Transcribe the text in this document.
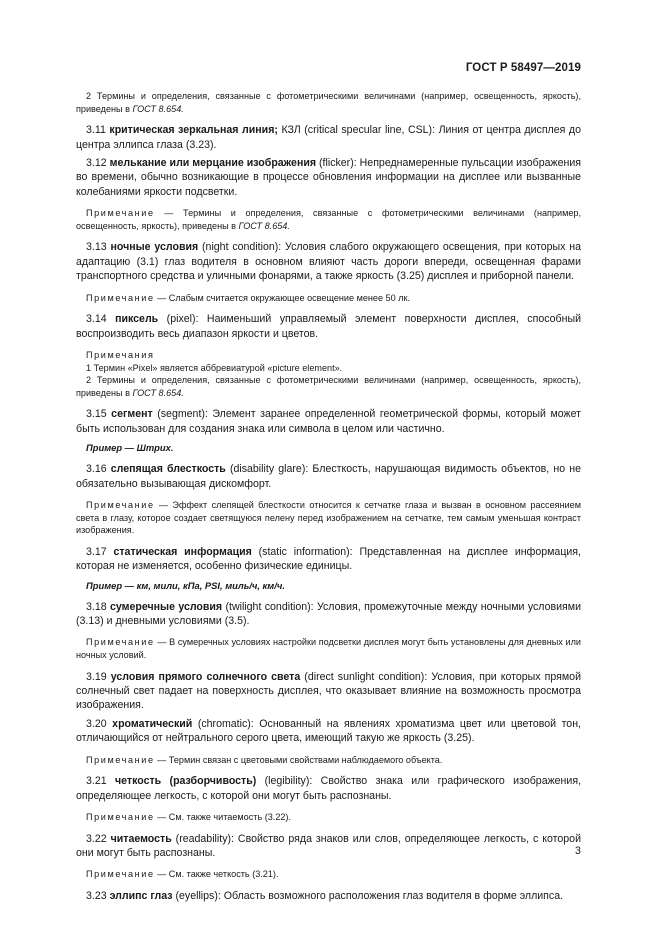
ГОСТ Р 58497—2019

2 Термины и определения, связанные с фотометрическими величинами (например, освещенность, яркость), приведены в ГОСТ 8.654.

3.11 критическая зеркальная линия; КЗЛ (critical specular line, CSL): Линия от центра дисплея до центра эллипса глаза (3.23).

3.12 мелькание или мерцание изображения (flicker): Непреднамеренные пульсации изображения во времени, обычно возникающие в процессе обновления информации на дисплее или вызванные колебаниями яркости подсветки.

Примечание — Термины и определения, связанные с фотометрическими величинами (например, освещенность, яркость), приведены в ГОСТ 8.654.

3.13 ночные условия (night condition): Условия слабого окружающего освещения, при которых на адаптацию (3.1) глаз водителя в основном влияют часть дороги впереди, освещенная фарами транспортного средства и уличными фонарями, а также яркость (3.25) дисплея и приборной панели.

Примечание — Слабым считается окружающее освещение менее 50 лк.

3.14 пиксель (pixel): Наименьший управляемый элемент поверхности дисплея, способный воспроизводить весь диапазон яркости и цветов.

Примечания

1 Термин «Pixel» является аббревиатурой «picture element».

2 Термины и определения, связанные с фотометрическими величинами (например, освещенность, яркость), приведены в ГОСТ 8.654.

3.15 сегмент (segment): Элемент заранее определенной геометрической формы, который может быть использован для создания знака или символа в целом или частично.

Пример — Штрих.

3.16 слепящая блесткость (disability glare): Блесткость, нарушающая видимость объектов, но не обязательно вызывающая дискомфорт.

Примечание — Эффект слепящей блесткости относится к сетчатке глаза и вызван в основном рассеянием света в глазу, которое создает светящуюся пелену перед изображением на сетчатке, тем самым уменьшая контраст изображения.

3.17 статическая информация (static information): Представленная на дисплее информация, которая не изменяется, особенно физические единицы.

Пример — км, мили, кПа, PSI, миль/ч, км/ч.

3.18 сумеречные условия (twilight condition): Условия, промежуточные между ночными условиями (3.13) и дневными условиями (3.5).

Примечание — В сумеречных условиях настройки подсветки дисплея могут быть установлены для дневных или ночных условий.

3.19 условия прямого солнечного света (direct sunlight condition): Условия, при которых прямой солнечный свет падает на поверхность дисплея, что оказывает влияние на возможность просмотра изображения.

3.20 хроматический (chromatic): Основанный на явлениях хроматизма цвет или цветовой тон, отличающийся от нейтрального серого цвета, имеющий такую же яркость (3.25).

Примечание — Термин связан с цветовыми свойствами наблюдаемого объекта.

3.21 четкость (разборчивость) (legibility): Свойство знака или графического изображения, определяющее легкость, с которой они могут быть распознаны.

Примечание — См. также читаемость (3.22).

3.22 читаемость (readability): Свойство ряда знаков или слов, определяющее легкость, с которой они могут быть распознаны.

Примечание — См. также четкость (3.21).

3.23 эллипс глаз (eyellips): Область возможного расположения глаз водителя в форме эллипса.

3
